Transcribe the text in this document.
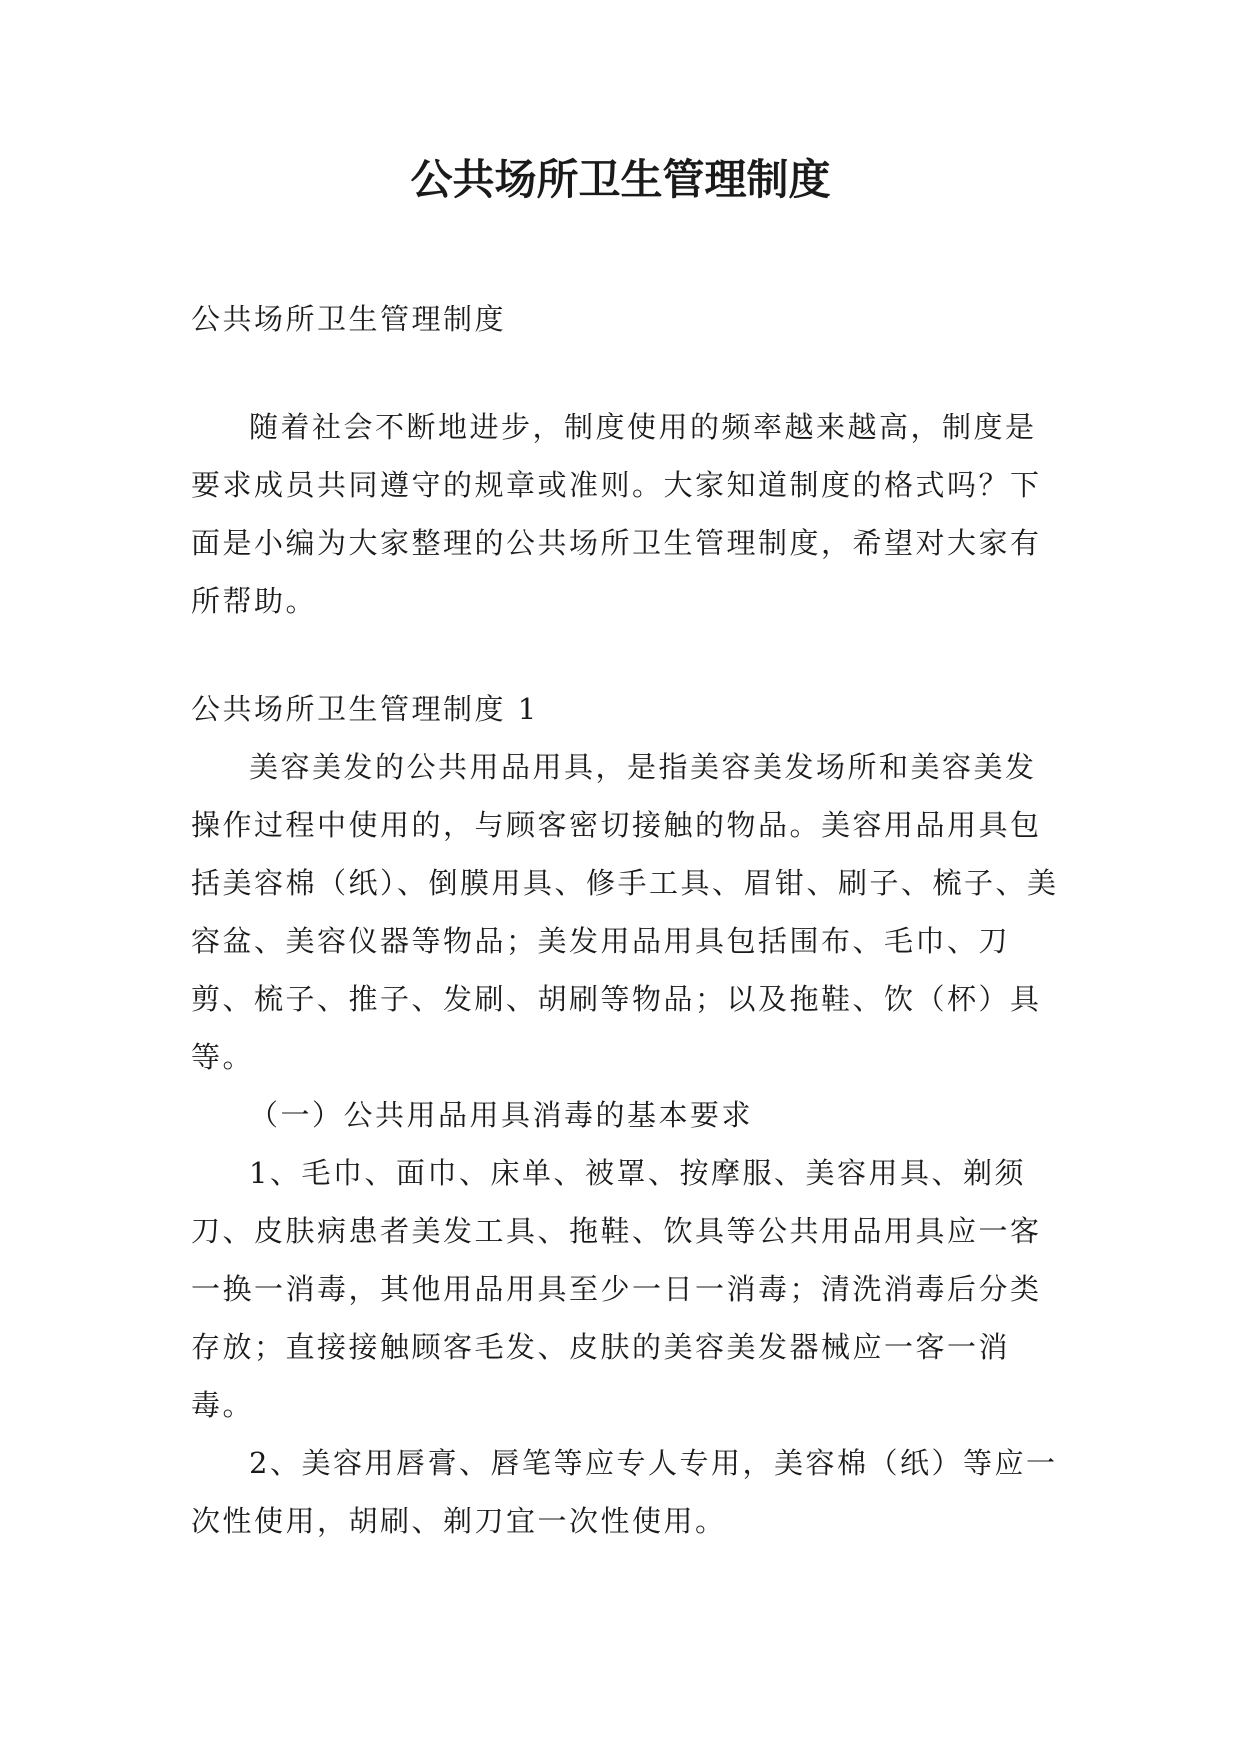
公共场所卫生管理制度

公共场所卫生管理制度

随着社会不断地进步，制度使用的频率越来越高，制度是要求成员共同遵守的规章或准则。大家知道制度的格式吗？下面是小编为大家整理的公共场所卫生管理制度，希望对大家有所帮助。

公共场所卫生管理制度 1

美容美发的公共用品用具，是指美容美发场所和美容美发操作过程中使用的，与顾客密切接触的物品。美容用品用具包括美容棉（纸）、倒膜用具、修手工具、眉钳、刷子、梳子、美容盆、美容仪器等物品；美发用品用具包括围布、毛巾、刀剪、梳子、推子、发刷、胡刷等物品；以及拖鞋、饮（杯）具等。

（一）公共用品用具消毒的基本要求

1、毛巾、面巾、床单、被罩、按摩服、美容用具、剃须刀、皮肤病患者美发工具、拖鞋、饮具等公共用品用具应一客一换一消毒，其他用品用具至少一日一消毒；清洗消毒后分类存放；直接接触顾客毛发、皮肤的美容美发器械应一客一消毒。

2、美容用唇膏、唇笔等应专人专用，美容棉（纸）等应一次性使用，胡刷、剃刀宜一次性使用。
